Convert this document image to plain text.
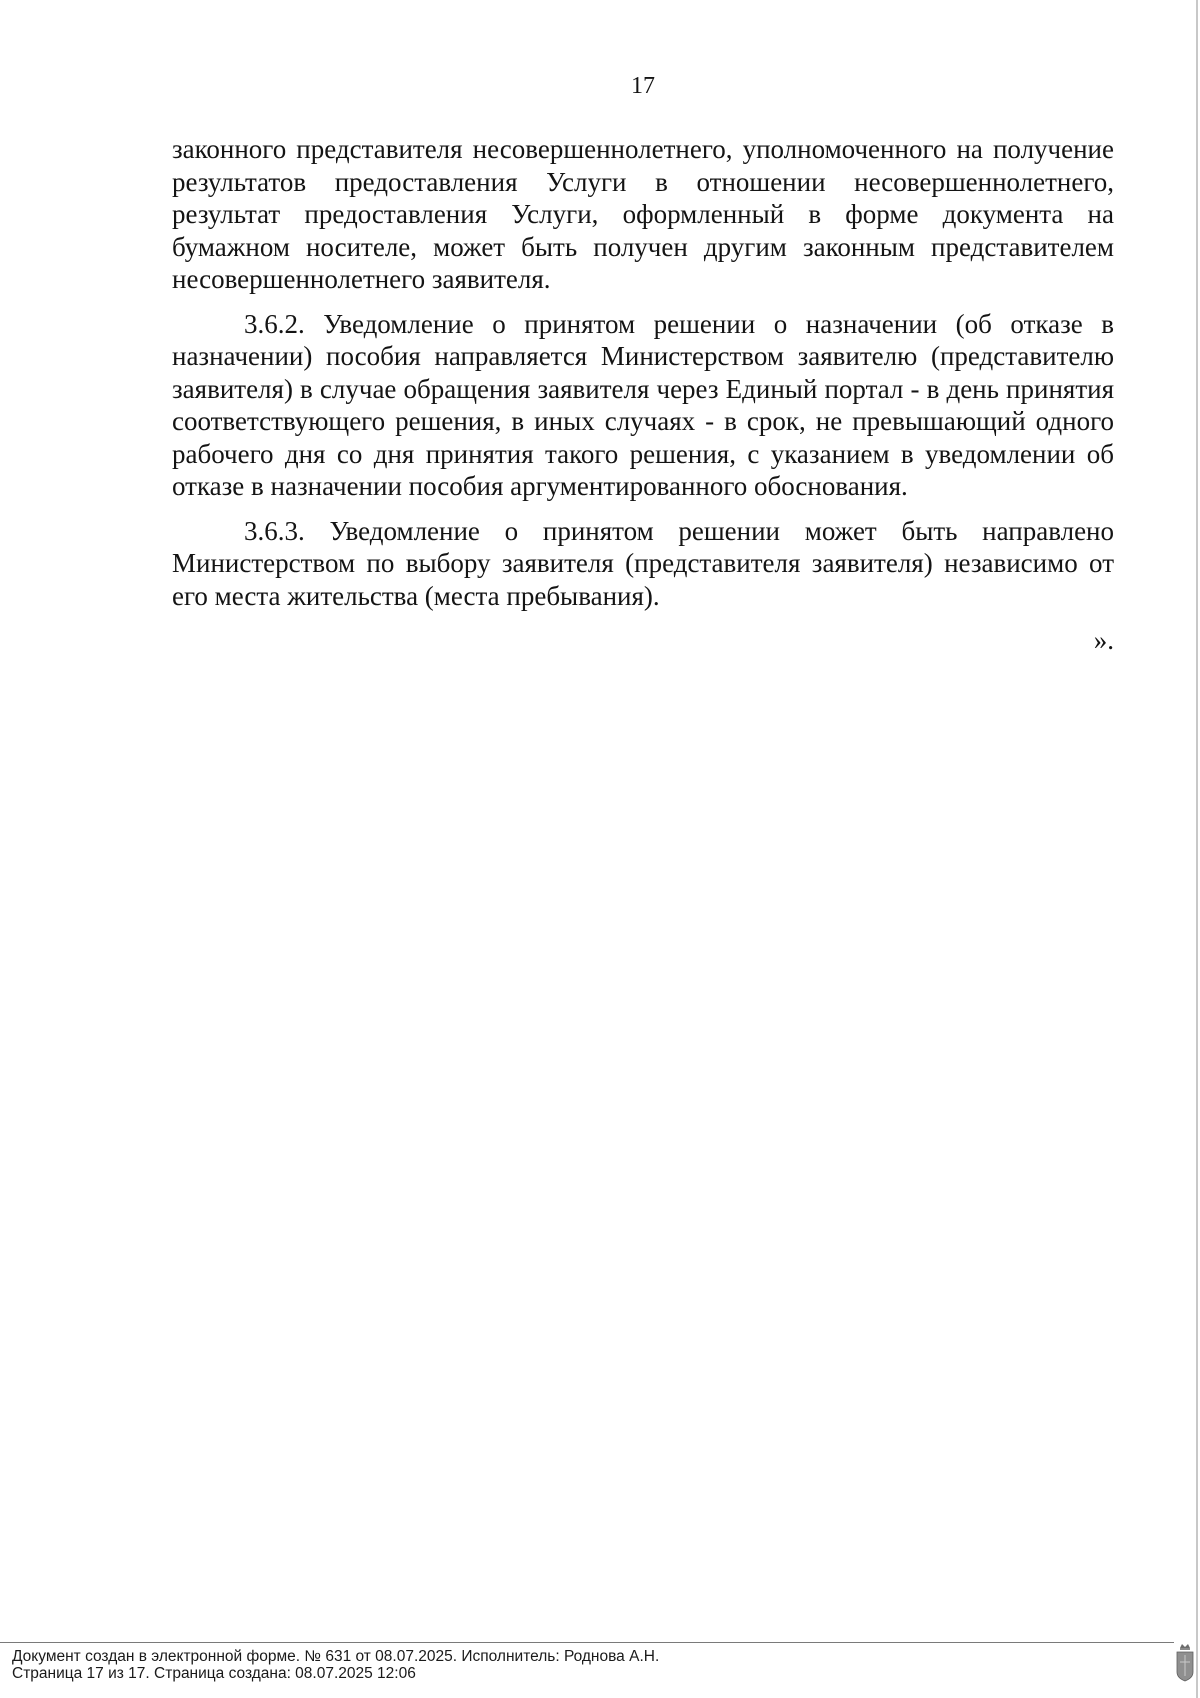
17

законного представителя несовершеннолетнего, уполномоченного на получение результатов предоставления Услуги в отношении несовершеннолетнего, результат предоставления Услуги, оформленный в форме документа на бумажном носителе, может быть получен другим законным представителем несовершеннолетнего заявителя.

3.6.2. Уведомление о принятом решении о назначении (об отказе в назначении) пособия направляется Министерством заявителю (представителю заявителя) в случае обращения заявителя через Единый портал - в день принятия соответствующего решения, в иных случаях - в срок, не превышающий одного рабочего дня со дня принятия такого решения, с указанием в уведомлении об отказе в назначении пособия аргументированного обоснования.

3.6.3. Уведомление о принятом решении может быть направлено Министерством по выбору заявителя (представителя заявителя) независимо от его места жительства (места пребывания).

».

Документ создан в электронной форме. № 631 от 08.07.2025. Исполнитель: Роднова А.Н.
Страница 17 из 17. Страница создана: 08.07.2025 12:06
